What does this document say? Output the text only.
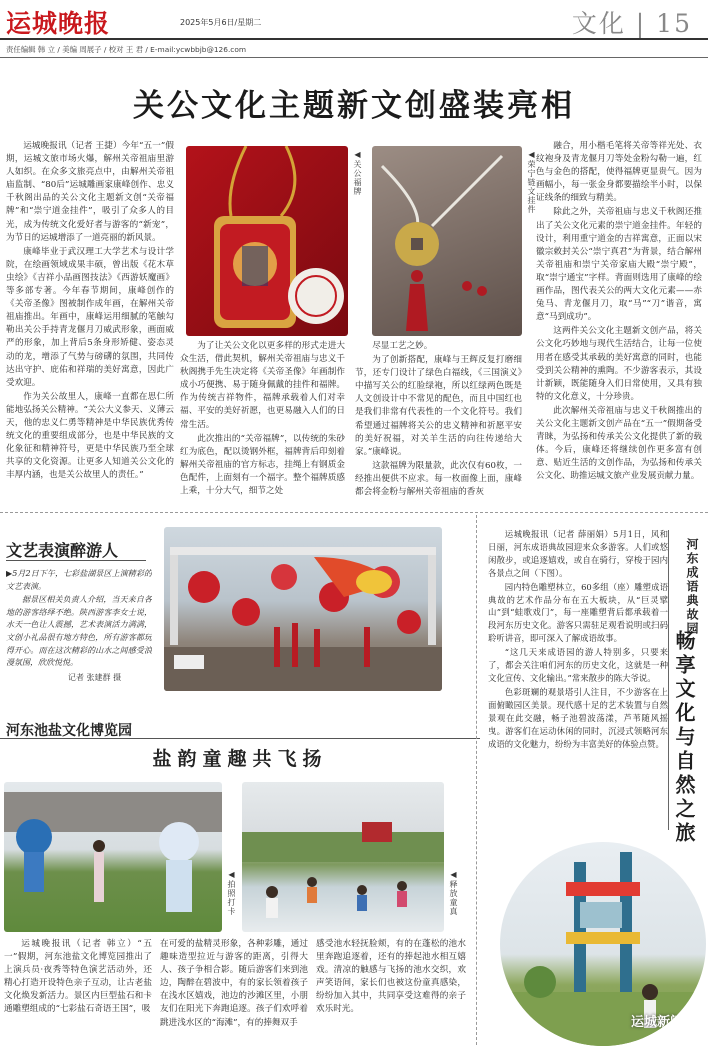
运城晚报	2025年5月6日/星期二	文化 | 15
责任编辑 韩 立 / 美编 周展子 / 校对 王 君 / E-mail:ycwbbjb@126.com
关公文化主题新文创盛装亮相

运城晚报讯（记者 王捷）今年“五一”假期，运城文旅市场火爆，解州关帝祖庙里游人如织。在众多文旅亮点中，由解州关帝祖庙监制、“80后”运城雕画家康峰创作、忠义千秋阁出品的关公文化主题新文创“关帝福牌”和“崇宁道金挂件”，吸引了众多人的目光，成为传统文化爱好者与游客的“新宠”，为节日的运城增添了一道亮丽的新风景。

康峰毕业于武汉理工大学艺术与设计学院，在绘画领域成果丰硕，曾出版《花木草虫绘》《吉祥小品画图技法》《西游妖魔画》等多部专著。今年春节期间，康峰创作的《关帝圣像》图被制作成年画，在解州关帝祖庙推出。年画中，康峰运用细腻的笔触勾勒出关公手持青龙偃月刀威武形象，画面威严的形象，加上背后5条身形矫健、姿态灵动的龙，增添了气势与磅礴的氛围，共同传达出守护、庇佑和祥瑞的美好寓意，因此广受欢迎。

作为关公故里人，康峰一直都在思仁所能地弘扬关公精神。“关公大义参天、义薄云天，他的忠义仁勇等精神是中华民族优秀传统文化的重要组成部分，也是中华民族的文化象征和精神符号，更是中华民族乃至全球共享的文化资源。让更多人知道关公文化的丰厚内涵，也是关公故里人的责任。”

◀关公福牌	◀荣宁链文挂件

为了让关公文化以更多样的形式走进大众生活，借此契机，解州关帝祖庙与忠义千秋阁携手先生决定将《关帝圣像》年画制作成小巧便携、易于随身佩戴的挂件和福牌。作为传统吉祥物件，福牌承载着人们对幸福、平安的美好祈愿，也更易融入人们的日常生活。

此次推出的“关帝福牌”，以传统的朱砂红为底色，配以烫钢外框，福牌背后印刻着解州关帝祖庙的官方标志，挂绳上有钢质金色配件，上面刻有一个福字。整个福牌质感上乘，十分大气，细节之处

尽显工艺之妙。

为了创新搭配，康峰与王辉反复打磨细节，还专门设计了绿色白福线，《三国演义》中描写关公的红脸绿袍，所以红绿两色既是人文创设计中不常见的配色，而且中国红也是我们非常有代表性的一个文化符号。我们希望通过福牌将关公的忠义精神和祈愿平安的美好祝福，对关羊生活的向往传递给大家。”康峰说。

这款福牌为限量款，此次仅有60枚，一经推出便供不应求。每一枚面像上面，康峰都会将金粉与解州关帝祖庙的香灰

融合，用小楷毛笔将关帝等祥光处、衣纹袍身及青龙偃月刀等处金粉勾勒一遍，红色与金色的搭配，使得福牌更显贵气。因为画幅小，每一张金身都要描绘半小时，以保证线条的细致与精美。

除此之外，关帝祖庙与忠义千秋阁还推出了关公文化元素的崇宁道金挂件。年轻的设计，利用重宁道金的吉祥寓意，正面以宋徽宗敕封关公“崇宁真君”为背景，结合解州关帝祖庙和崇宁关帝家庙大殿“崇宁殿”，取“崇宁通宝”字样。背面则选用了康峰的绘画作品，图代表关公的两大文化元素——赤兔马、青龙偃月刀，取“马”“刀”谐音，寓意“马到成功”。

这两件关公文化主题新文创产品，将关公文化巧妙地与现代生活结合，让每一位使用者在感受其承载的美好寓意的同时，也能受到关公精神的熏陶。不少游客表示，其设计新颖，既能随身入们日常使用，又具有独特的文化意义，十分珍贵。

此次解州关帝祖庙与忠义千秋阁推出的关公文化主题新文创产品在“五一”假期备受青睐，为弘扬和传承关公文化提供了新的载体。今后，康峰还将继续创作更多富有创意、贴近生活的文创作品，为弘扬和传承关公文化、助推运城文旅产业发展贡献力量。

文艺表演醉游人

▶5月2日下午，七彩盐湖景区上演精彩的文艺表演。

据景区相关负责人介绍，当天来自各地的游客络绎不绝。陕西游客李女士说，水天一色让人震撼，艺术表演活力满满，文创小礼品很有地方特色，所有游客都玩得开心。而在这次精彩的山水之间感受浪漫氛围，欣欣悦悦。

记者 张建群 摄
河东池盐文化博览园
盐韵童趣共飞扬
◀拍照打卡	◀释放童真

运城晚报讯（记者 韩立）“五一”假期，河东池盐文化博览园推出了上演兵员·夜秀等特色演艺活动外，还精心打造开设特色亲子互动，让古老盐文化焕发新活力。景区内巨型盐石和卡通雕塑组成的“七彩盐石奇语王国”，吸

在可爱的盐精灵形象，各种彩雕，通过趣味造型拉近与游客的距离，引得大人、孩子争相合影。随后游客们来到池边，陶醉在碧波中，有的家长领着孩子在浅水区嬉戏，池边的沙滩区里，小朋友们在阳光下奔跑追逐。孩子们欢呼着跳进浅水区的“海滩”，有的捧舞双手

感受池水轻抚脸颊，有的在蓬松的池水里奔跑追逐着，还有的捧起池水相互嬉戏。清凉的触感与飞扬的池水交织，欢声笑语间，家长们也被这份童真感染，纷纷加入其中，共同享受这难得的亲子欢乐时光。

运城晚报讯（记者 薛丽娟）5月1日，风和日丽，河东成语典故园迎来众多游客。人们或悠闲散步，或追逐嬉戏，或自在骑行，穿梭于园内各景点之间（下图）。

园内特色雕塑林立，60多组（座）雕塑成语典故的艺术作品分布在五大板块，从“巨灵擘山”到“蛙歌戏门”，每一座雕塑背后都承载着一段河东历史文化。游客只需驻足观看说明或扫码聆听讲音，即可深入了解成语故事。

“这几天来成语园的游人特别多，只要来了，都会关注咱们河东的历史文化，这就是一种文化宣传、文化输出。”常来散步的陈大爷说。

色彩斑斓的观景塔引人注目，不少游客在上面俯瞰园区美景。现代感十足的艺术装置与自然景观在此交融，畅子池碧波荡漾，芦苇随风摇曳。游客们在运动休闲的同时，沉浸式领略河东成语的文化魅力，纷纷为丰富美好的体验点赞。

河东成语典故园
畅享文化与自然之旅
运城新闻网
